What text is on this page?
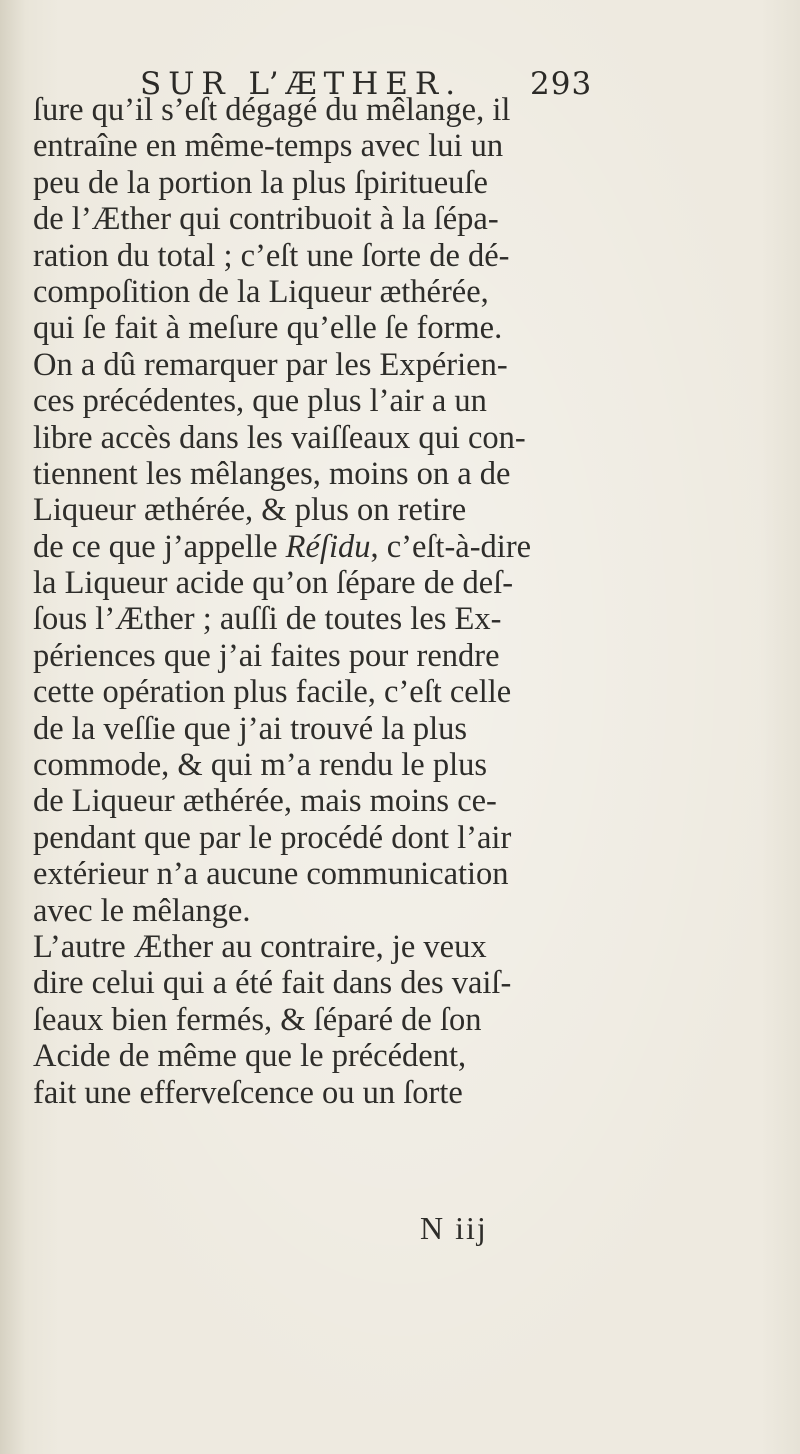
SUR L’ÆTHER. 293
ſure qu’il s’eſt dégagé du mêlange, il
entraîne en même-temps avec lui un
peu de la portion la plus ſpiritueuſe
de l’Æther qui contribuoit à la ſépa-
ration du total ; c’eſt une ſorte de dé-
compoſition de la Liqueur æthérée,
qui ſe fait à meſure qu’elle ſe forme.
On a dû remarquer par les Expérien-
ces précédentes, que plus l’air a un
libre accès dans les vaiſſeaux qui con-
tiennent les mêlanges, moins on a de
Liqueur æthérée, & plus on retire
de ce que j’appelle Réſidu, c’eſt-à-dire
la Liqueur acide qu’on ſépare de deſ-
ſous l’Æther ; auſſi de toutes les Ex-
périences que j’ai faites pour rendre
cette opération plus facile, c’eſt celle
de la veſſie que j’ai trouvé la plus
commode, & qui m’a rendu le plus
de Liqueur æthérée, mais moins ce-
pendant que par le procédé dont l’air
extérieur n’a aucune communication
avec le mêlange.
L’autre Æther au contraire, je veux
dire celui qui a été fait dans des vaiſ-
ſeaux bien fermés, & ſéparé de ſon
Acide de même que le précédent,
fait une efferveſcence ou un ſorte
N iij
